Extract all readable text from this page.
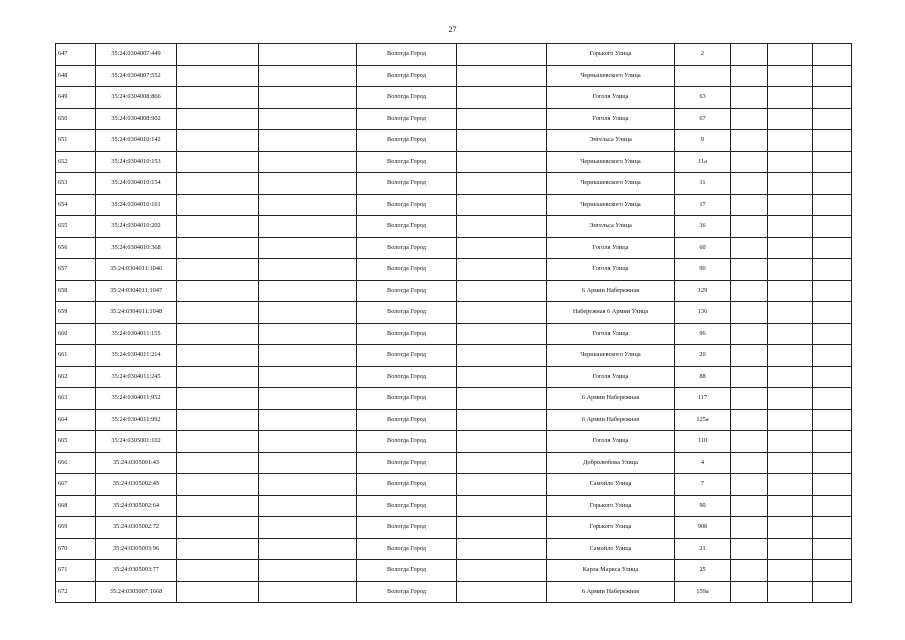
27
647	35:24:0304007:449			Вологда Город		Горького Улица	2			
648	35:24:0304007:552			Вологда Город		Чернышевского Улица				
649	35:24:0304008:866			Вологда Город		Гоголя Улица	63			
650	35:24:0304008:902			Вологда Город		Гоголя Улица	67			
651	35:24:0304010:142			Вологда Город		Энгельса Улица	9			
652	35:24:0304010:153			Вологда Город		Чернышевского Улица	11а			
653	35:24:0304010:154			Вологда Город		Чернышевского Улица	11			
654	35:24:0304010:161			Вологда Город		Чернышевского Улица	17			
655	35:24:0304010:202			Вологда Город		Энгельса Улица	36			
656	35:24:0304010:368			Вологда Город		Гоголя Улица	60			
657	35:24:0304011:1046			Вологда Город		Гоголя Улица	90			
658	35:24:0304011:1047			Вологда Город		6 Армии Набережная	129			
659	35:24:0304011:1048			Вологда Город		Набережная 6 Армии Улица	136			
660	35:24:0304011:155			Вологда Город		Гоголя Улица	96			
661	35:24:0304011:214			Вологда Город		Чернышевского Улица	20			
662	35:24:0304011:245			Вологда Город		Гоголя Улица	88			
663	35:24:0304011:952			Вологда Город		6 Армии Набережная	117			
664	35:24:0304011:992			Вологда Город		6 Армии Набережная	125а			
665	35:24:0305001:102			Вологда Город		Гоголя Улица	110			
666	35:24:0305001:43			Вологда Город		Добролюбова Улица	4			
667	35:24:0305002:45			Вологда Город		Самойло Улица	7			
668	35:24:0305002:64			Вологда Город		Горького Улица	90			
669	35:24:0305002:72			Вологда Город		Горького Улица	90б			
670	35:24:0305003:96			Вологда Город		Самойло Улица	21			
671	35:24:0305003:77			Вологда Город		Карла Маркса Улица	25			
672	35:24:0305007:1668			Вологда Город		6 Армии Набережная	159а			
